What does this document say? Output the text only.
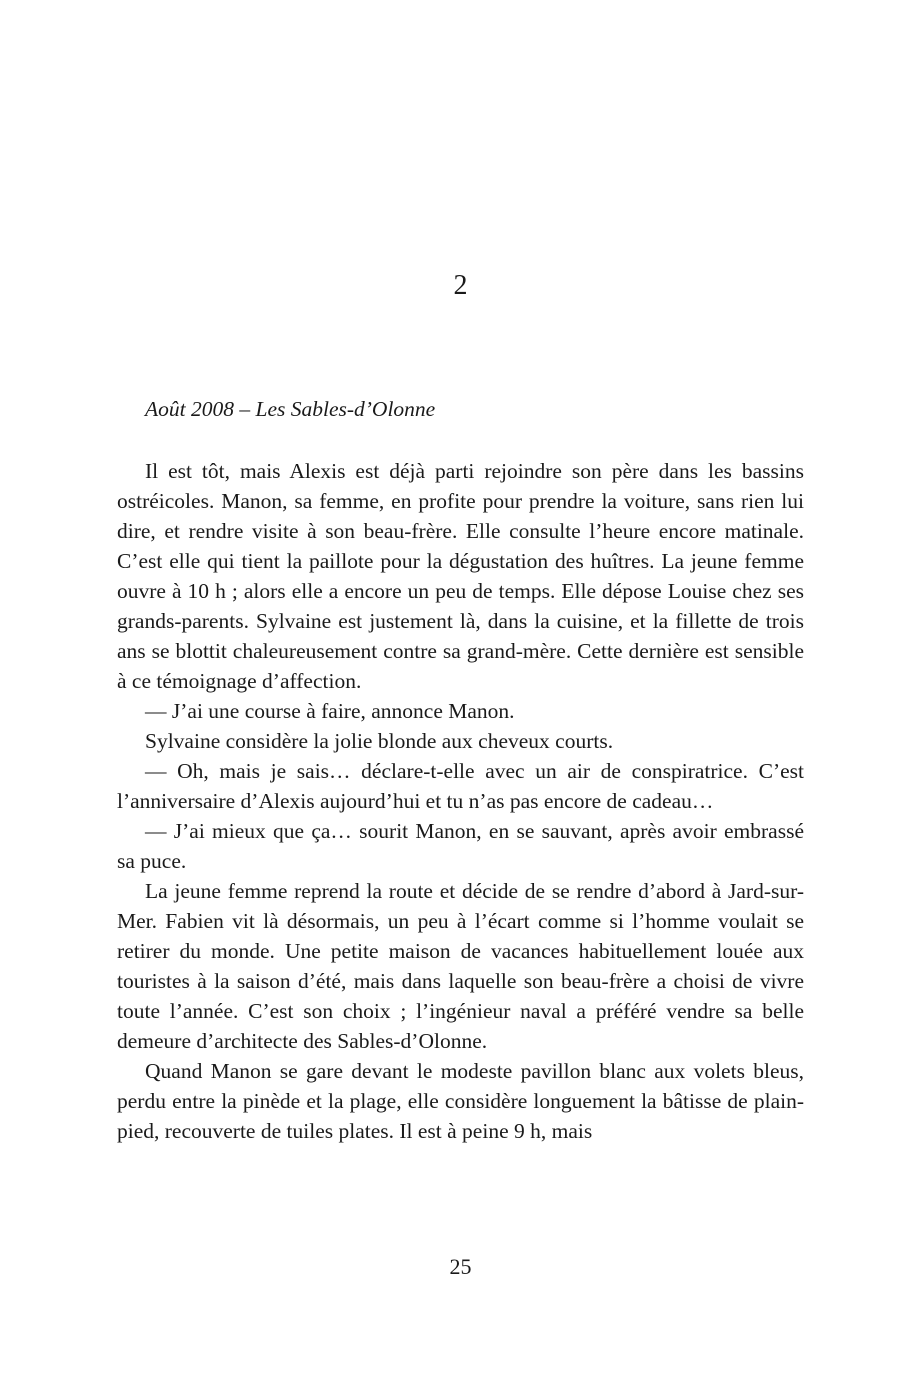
2

Août 2008 – Les Sables-d’Olonne

Il est tôt, mais Alexis est déjà parti rejoindre son père dans les bassins ostréicoles. Manon, sa femme, en profite pour prendre la voiture, sans rien lui dire, et rendre visite à son beau-frère. Elle consulte l’heure encore matinale. C’est elle qui tient la paillote pour la dégustation des huîtres. La jeune femme ouvre à 10 h ; alors elle a encore un peu de temps. Elle dépose Louise chez ses grands-parents. Sylvaine est justement là, dans la cuisine, et la fillette de trois ans se blottit chaleureusement contre sa grand-mère. Cette dernière est sensible à ce témoignage d’affection.

— J’ai une course à faire, annonce Manon.

Sylvaine considère la jolie blonde aux cheveux courts.

— Oh, mais je sais… déclare-t-elle avec un air de conspiratrice. C’est l’anniversaire d’Alexis aujourd’hui et tu n’as pas encore de cadeau…

— J’ai mieux que ça… sourit Manon, en se sauvant, après avoir embrassé sa puce.

La jeune femme reprend la route et décide de se rendre d’abord à Jard-sur-Mer. Fabien vit là désormais, un peu à l’écart comme si l’homme voulait se retirer du monde. Une petite maison de vacances habituellement louée aux touristes à la saison d’été, mais dans laquelle son beau-frère a choisi de vivre toute l’année. C’est son choix ; l’ingénieur naval a préféré vendre sa belle demeure d’architecte des Sables-d’Olonne.

Quand Manon se gare devant le modeste pavillon blanc aux volets bleus, perdu entre la pinède et la plage, elle considère longuement la bâtisse de plain-pied, recouverte de tuiles plates. Il est à peine 9 h, mais

25
